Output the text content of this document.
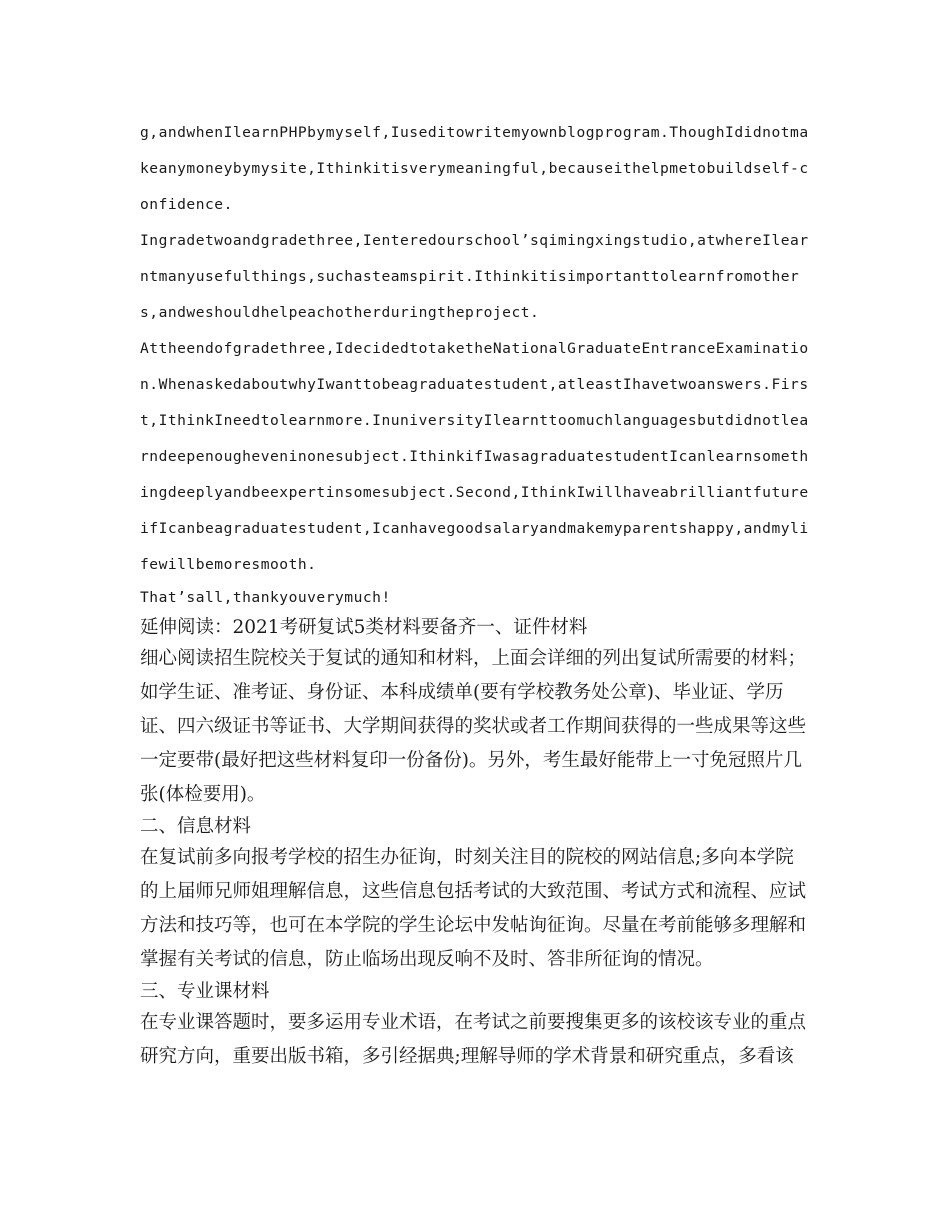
g,andwhenIlearnPHPbymyself,Iuseditowritemyownblogprogram.ThoughIdidnotmakeanymoneybymysite,Ithinkitisverymeaningful,becauseithelpmetobuildself-confidence.

Ingradetwoandgradethree,Ienteredourschool’sqimingxingstudio,atwhereIlearntmanyusefulthings,suchasteamspirit.Ithinkitisimportanttolearnfromothers,andweshouldhelpeachotherduringtheproject.

Attheendofgradethree,IdecidedtotaketheNationalGraduateEntranceExamination.WhenaskedaboutwhyIwanttobeagraduatestudent,atleastIhavetwoanswers.First,IthinkIneedtolearnmore.InuniversityIlearnttoomuchlanguagesbutdidnotlearndeepenougheveninonesubject.IthinkifIwasagraduatestudentIcanlearnsomethingdeeplyandbeexpertinsomesubject.Second,IthinkIwillhaveabrilliantfutureifIcanbeagraduatestudent,Icanhavegoodsalaryandmakemyparentshappy,andmylifewillbemoresmooth.

That’sall,thankyouverymuch!

延伸阅读：2021考研复试5类材料要备齐一、证件材料

细心阅读招生院校关于复试的通知和材料，上面会详细的列出复试所需要的材料；如学生证、准考证、身份证、本科成绩单(要有学校教务处公章)、毕业证、学历证、四六级证书等证书、大学期间获得的奖状或者工作期间获得的一些成果等这些一定要带(最好把这些材料复印一份备份)。另外，考生最好能带上一寸免冠照片几张(体检要用)。

二、信息材料

在复试前多向报考学校的招生办征询，时刻关注目的院校的网站信息;多向本学院的上届师兄师姐理解信息，这些信息包括考试的大致范围、考试方式和流程、应试方法和技巧等，也可在本学院的学生论坛中发帖询征询。尽量在考前能够多理解和掌握有关考试的信息，防止临场出现反响不及时、答非所征询的情况。

三、专业课材料

在专业课答题时，要多运用专业术语，在考试之前要搜集更多的该校该专业的重点研究方向，重要出版书箱，多引经据典;理解导师的学术背景和研究重点，多看该
